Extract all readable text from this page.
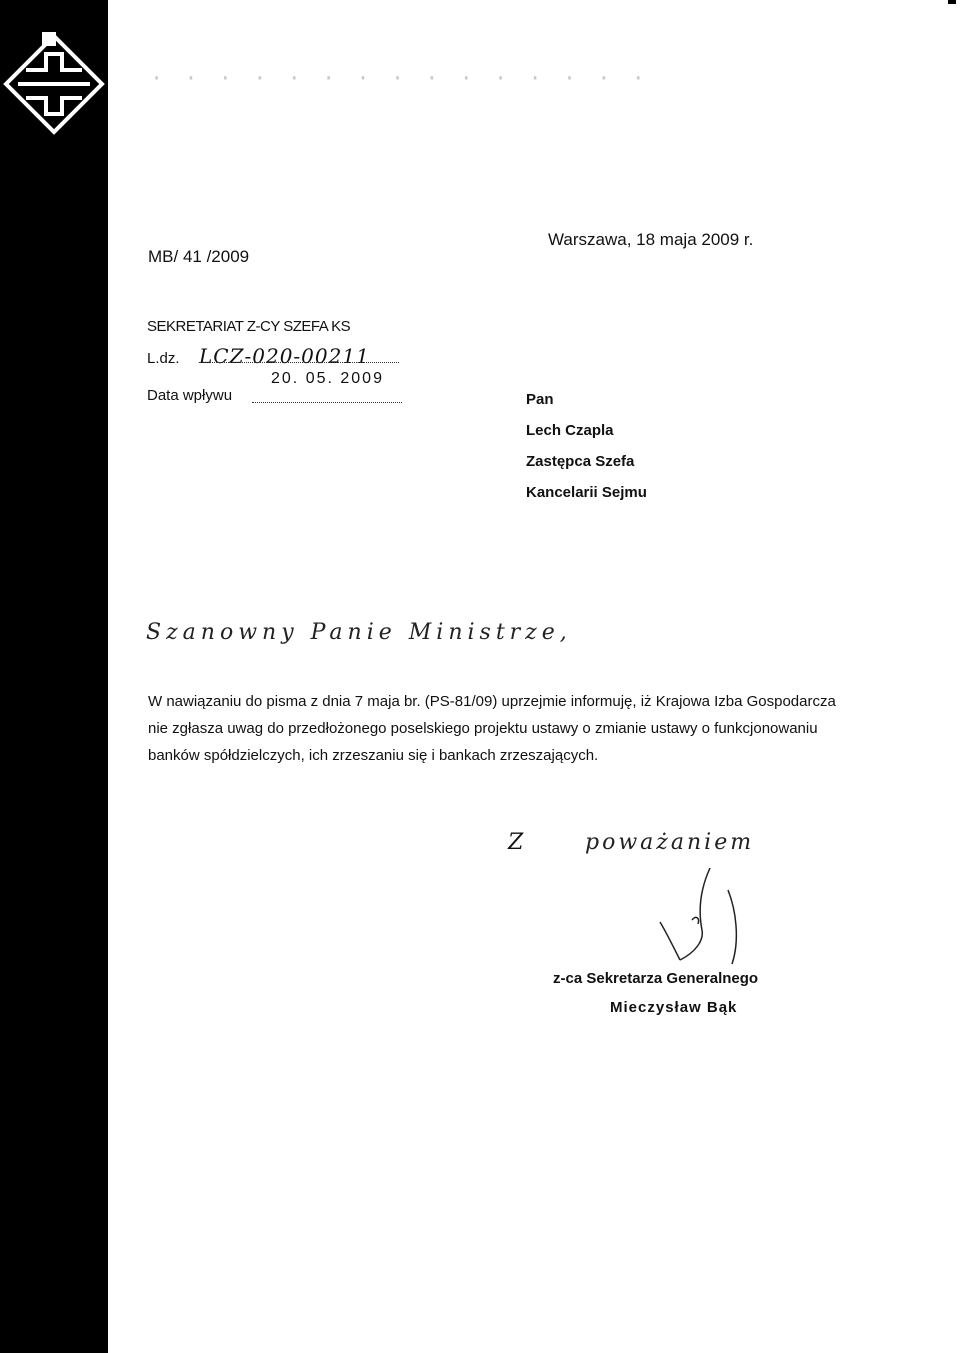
· · · · · · · · · · · · · · ·
MB/ 41 /2009
Warszawa, 18 maja 2009 r.
SEKRETARIAT Z-CY SZEFA KS
L.dz. LCZ-020-00211
Data wpływu
20. 05. 2009
Pan
Lech Czapla
Zastępca Szefa
Kancelarii Sejmu
Szanowny Panie Ministrze,
W nawiązaniu do pisma z dnia 7 maja br. (PS-81/09) uprzejmie informuję, iż Krajowa Izba Gospodarcza nie zgłasza uwag do przedłożonego poselskiego projektu ustawy o zmianie ustawy o funkcjonowaniu banków spółdzielczych, ich zrzeszaniu się i bankach zrzeszających.
Z	poważaniem
z-ca Sekretarza Generalnego
Mieczysław Bąk
